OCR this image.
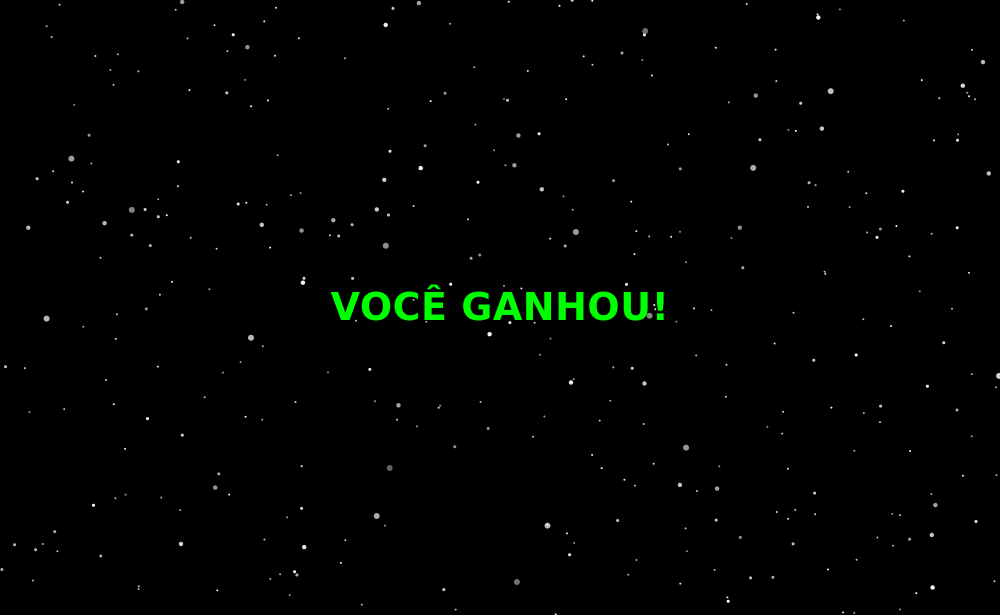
VOCÊ GANHOU!
